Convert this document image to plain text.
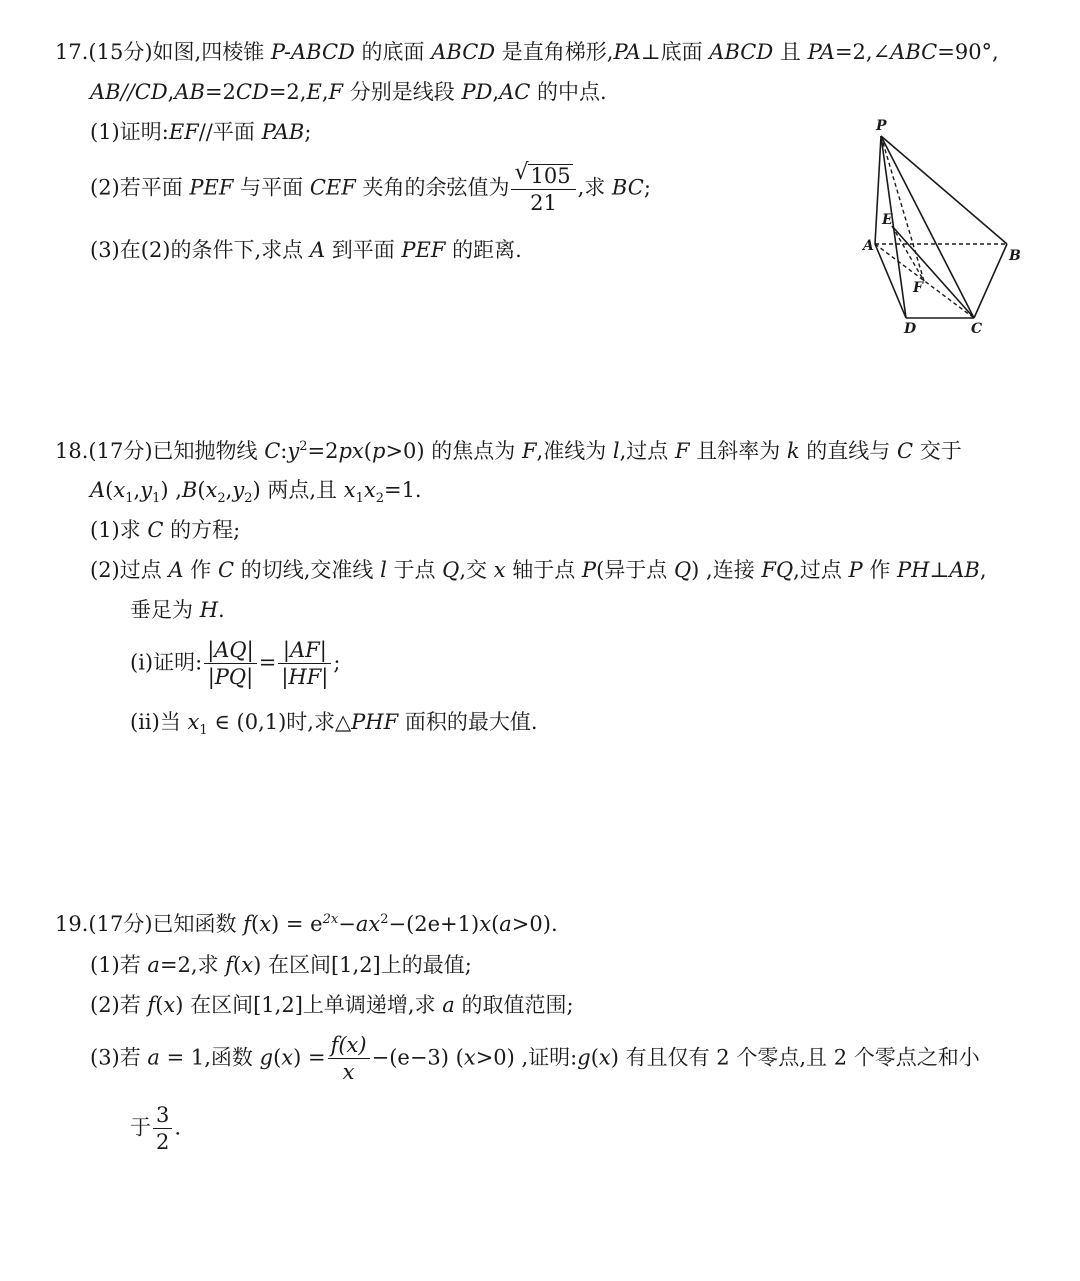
17.(15分)如图,四棱锥 P-ABCD 的底面 ABCD 是直角梯形,PA⊥底面 ABCD 且 PA=2,∠ABC=90°,
AB//CD,AB=2CD=2,E,F 分别是线段 PD,AC 的中点.
(1)证明:EF//平面 PAB;
(2)若平面 PEF 与平面 CEF 夹角的余弦值为 $\frac{√ 105}{21}$ ,求 BC;
(3)在(2)的条件下,求点 A 到平面 PEF 的距离.
P
A
B
C
D
E
F
18.(17分)已知抛物线 $C:y^2=2px(p>0)$ 的焦点为 F,准线为 l,过点 F 且斜率为 k 的直线与 C 交于
$A(x_1,y_1)$ $,B(x_2,y_2)$ 两点,且 $x_1x_2=1$.
(1)求 C 的方程;
(2)过点 A 作 C 的切线,交准线 l 于点 Q,交 x 轴于点 P(异于点 Q) ,连接 FQ,过点 P 作 PH⊥AB,
垂足为 H.
(i)证明: $\frac{|AQ|}{|PQ|} = \frac{|AF|}{|HF|}$ ;
(ii)当 $x_1$ ∈ (0,1)时,求△PHF 面积的最大值.
19.(17分)已知函数 $f(x) = e^{2x}-ax^2-(2e+1)x(a>0)$.
(1)若 a=2,求 f(x) 在区间[1,2]上的最值;
(2)若 f(x) 在区间[1,2]上单调递增,求 a 的取值范围;
(3)若 a = 1,函数 $g(x) = \frac{f(x)}{x} -(e-3)$ (x>0) ,证明:g(x) 有且仅有 2 个零点,且 2 个零点之和小
于 $\frac{3}{2}$ .
